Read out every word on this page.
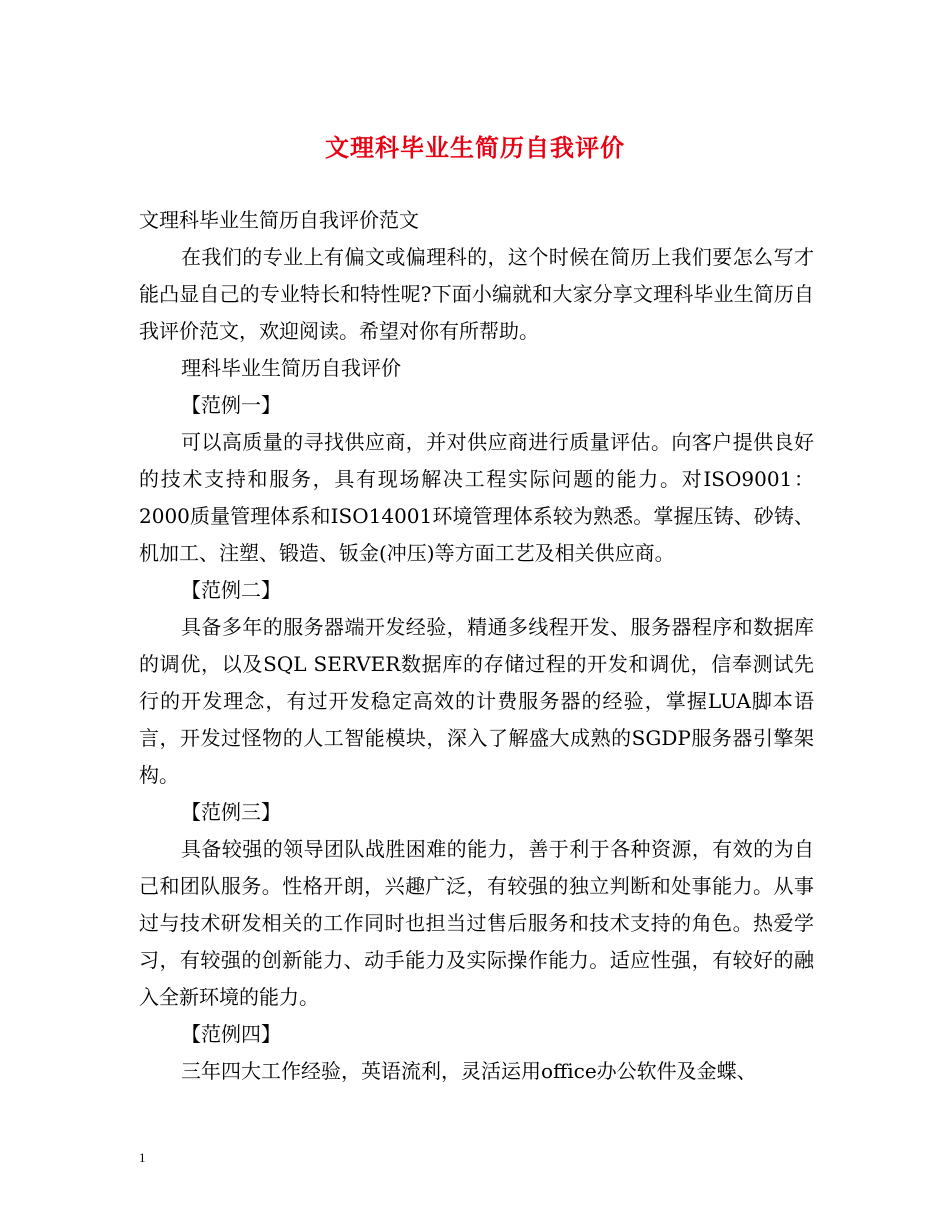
文理科毕业生简历自我评价

文理科毕业生简历自我评价范文

在我们的专业上有偏文或偏理科的，这个时候在简历上我们要怎么写才能凸显自己的专业特长和特性呢?下面小编就和大家分享文理科毕业生简历自我评价范文，欢迎阅读。希望对你有所帮助。

理科毕业生简历自我评价

【范例一】

可以高质量的寻找供应商，并对供应商进行质量评估。向客户提供良好的技术支持和服务，具有现场解决工程实际问题的能力。对ISO9001：2000质量管理体系和ISO14001环境管理体系较为熟悉。掌握压铸、砂铸、机加工、注塑、锻造、钣金(冲压)等方面工艺及相关供应商。

【范例二】

具备多年的服务器端开发经验，精通多线程开发、服务器程序和数据库的调优，以及SQL SERVER数据库的存储过程的开发和调优，信奉测试先行的开发理念，有过开发稳定高效的计费服务器的经验，掌握LUA脚本语言，开发过怪物的人工智能模块，深入了解盛大成熟的SGDP服务器引擎架构。

【范例三】

具备较强的领导团队战胜困难的能力，善于利于各种资源，有效的为自己和团队服务。性格开朗，兴趣广泛，有较强的独立判断和处事能力。从事过与技术研发相关的工作同时也担当过售后服务和技术支持的角色。热爱学习，有较强的创新能力、动手能力及实际操作能力。适应性强，有较好的融入全新环境的能力。

【范例四】

三年四大工作经验，英语流利，灵活运用office办公软件及金蝶、

1
